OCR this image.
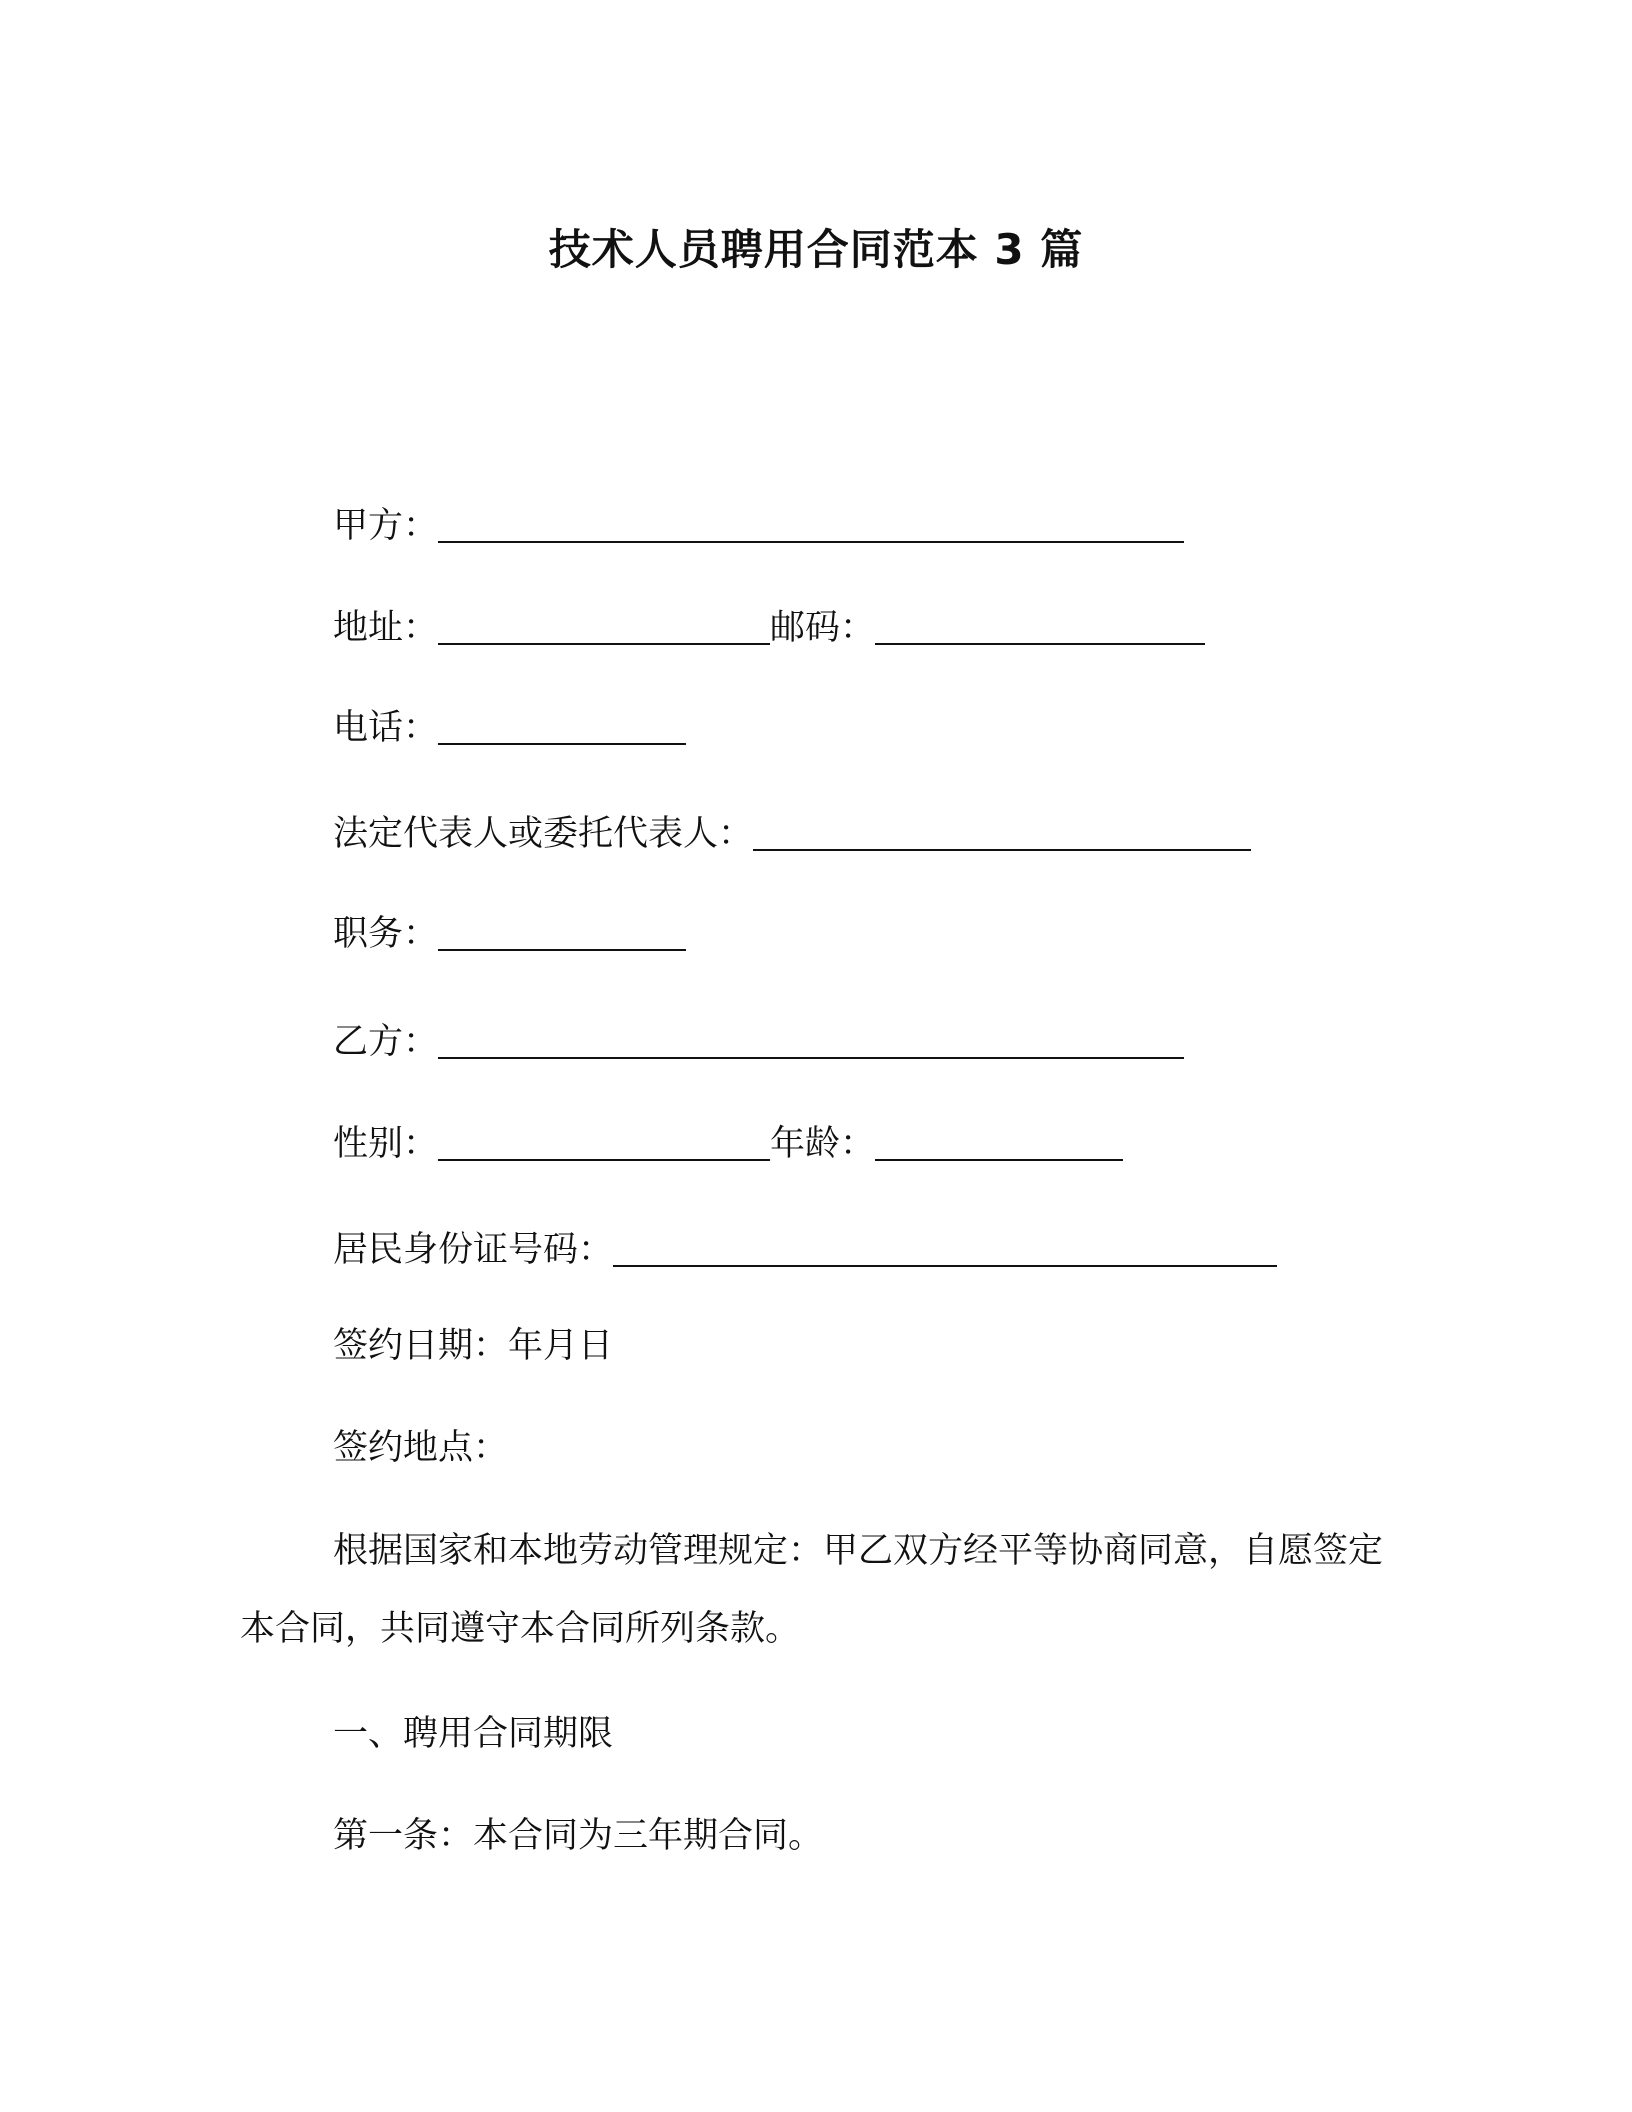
技术人员聘用合同范本 3 篇
甲方：
地址：	邮码：
电话：
法定代表人或委托代表人：
职务：
乙方：
性别：	年龄：
居民身份证号码：
签约日期：年月日
签约地点：
根据国家和本地劳动管理规定：甲乙双方经平等协商同意，自愿签定本合同，共同遵守本合同所列条款。
一、聘用合同期限
第一条：本合同为三年期合同。
